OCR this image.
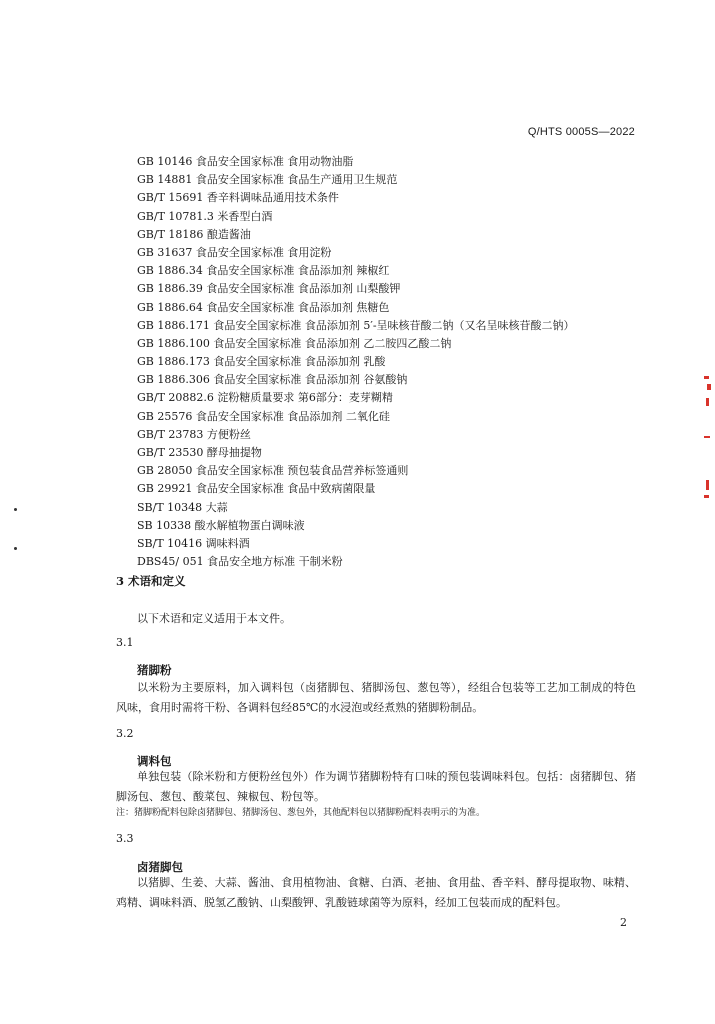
Q/HTS 0005S—2022
GB 10146 食品安全国家标准 食用动物油脂
GB 14881 食品安全国家标准 食品生产通用卫生规范
GB/T 15691 香辛料调味品通用技术条件
GB/T 10781.3 米香型白酒
GB/T 18186 酿造酱油
GB 31637 食品安全国家标准 食用淀粉
GB 1886.34 食品安全国家标准 食品添加剂 辣椒红
GB 1886.39 食品安全国家标准 食品添加剂 山梨酸钾
GB 1886.64 食品安全国家标准 食品添加剂 焦糖色
GB 1886.171 食品安全国家标准 食品添加剂 5′-呈味核苷酸二钠（又名呈味核苷酸二钠）
GB 1886.100 食品安全国家标准 食品添加剂 乙二胺四乙酸二钠
GB 1886.173 食品安全国家标准 食品添加剂 乳酸
GB 1886.306 食品安全国家标准 食品添加剂 谷氨酸钠
GB/T 20882.6 淀粉糖质量要求 第6部分：麦芽糊精
GB 25576 食品安全国家标准 食品添加剂 二氧化硅
GB/T 23783 方便粉丝
GB/T 23530 酵母抽提物
GB 28050 食品安全国家标准 预包装食品营养标签通则
GB 29921 食品安全国家标准 食品中致病菌限量
SB/T 10348 大蒜
SB 10338 酸水解植物蛋白调味液
SB/T 10416 调味料酒
DBS45/ 051 食品安全地方标准 干制米粉
3 术语和定义
以下术语和定义适用于本文件。
3.1
猪脚粉

以米粉为主要原料，加入调料包（卤猪脚包、猪脚汤包、葱包等），经组合包装等工艺加工制成的特色风味，食用时需将干粉、各调料包经85℃的水浸泡或经煮熟的猪脚粉制品。

3.2
调料包

单独包装（除米粉和方便粉丝包外）作为调节猪脚粉特有口味的预包装调味料包。包括：卤猪脚包、猪脚汤包、葱包、酸菜包、辣椒包、粉包等。

注：猪脚粉配料包除卤猪脚包、猪脚汤包、葱包外，其他配料包以猪脚粉配料表明示的为准。

3.3
卤猪脚包

以猪脚、生姜、大蒜、酱油、食用植物油、食糖、白酒、老抽、食用盐、香辛料、酵母提取物、味精、鸡精、调味料酒、脱氢乙酸钠、山梨酸钾、乳酸链球菌等为原料，经加工包装而成的配料包。

2
